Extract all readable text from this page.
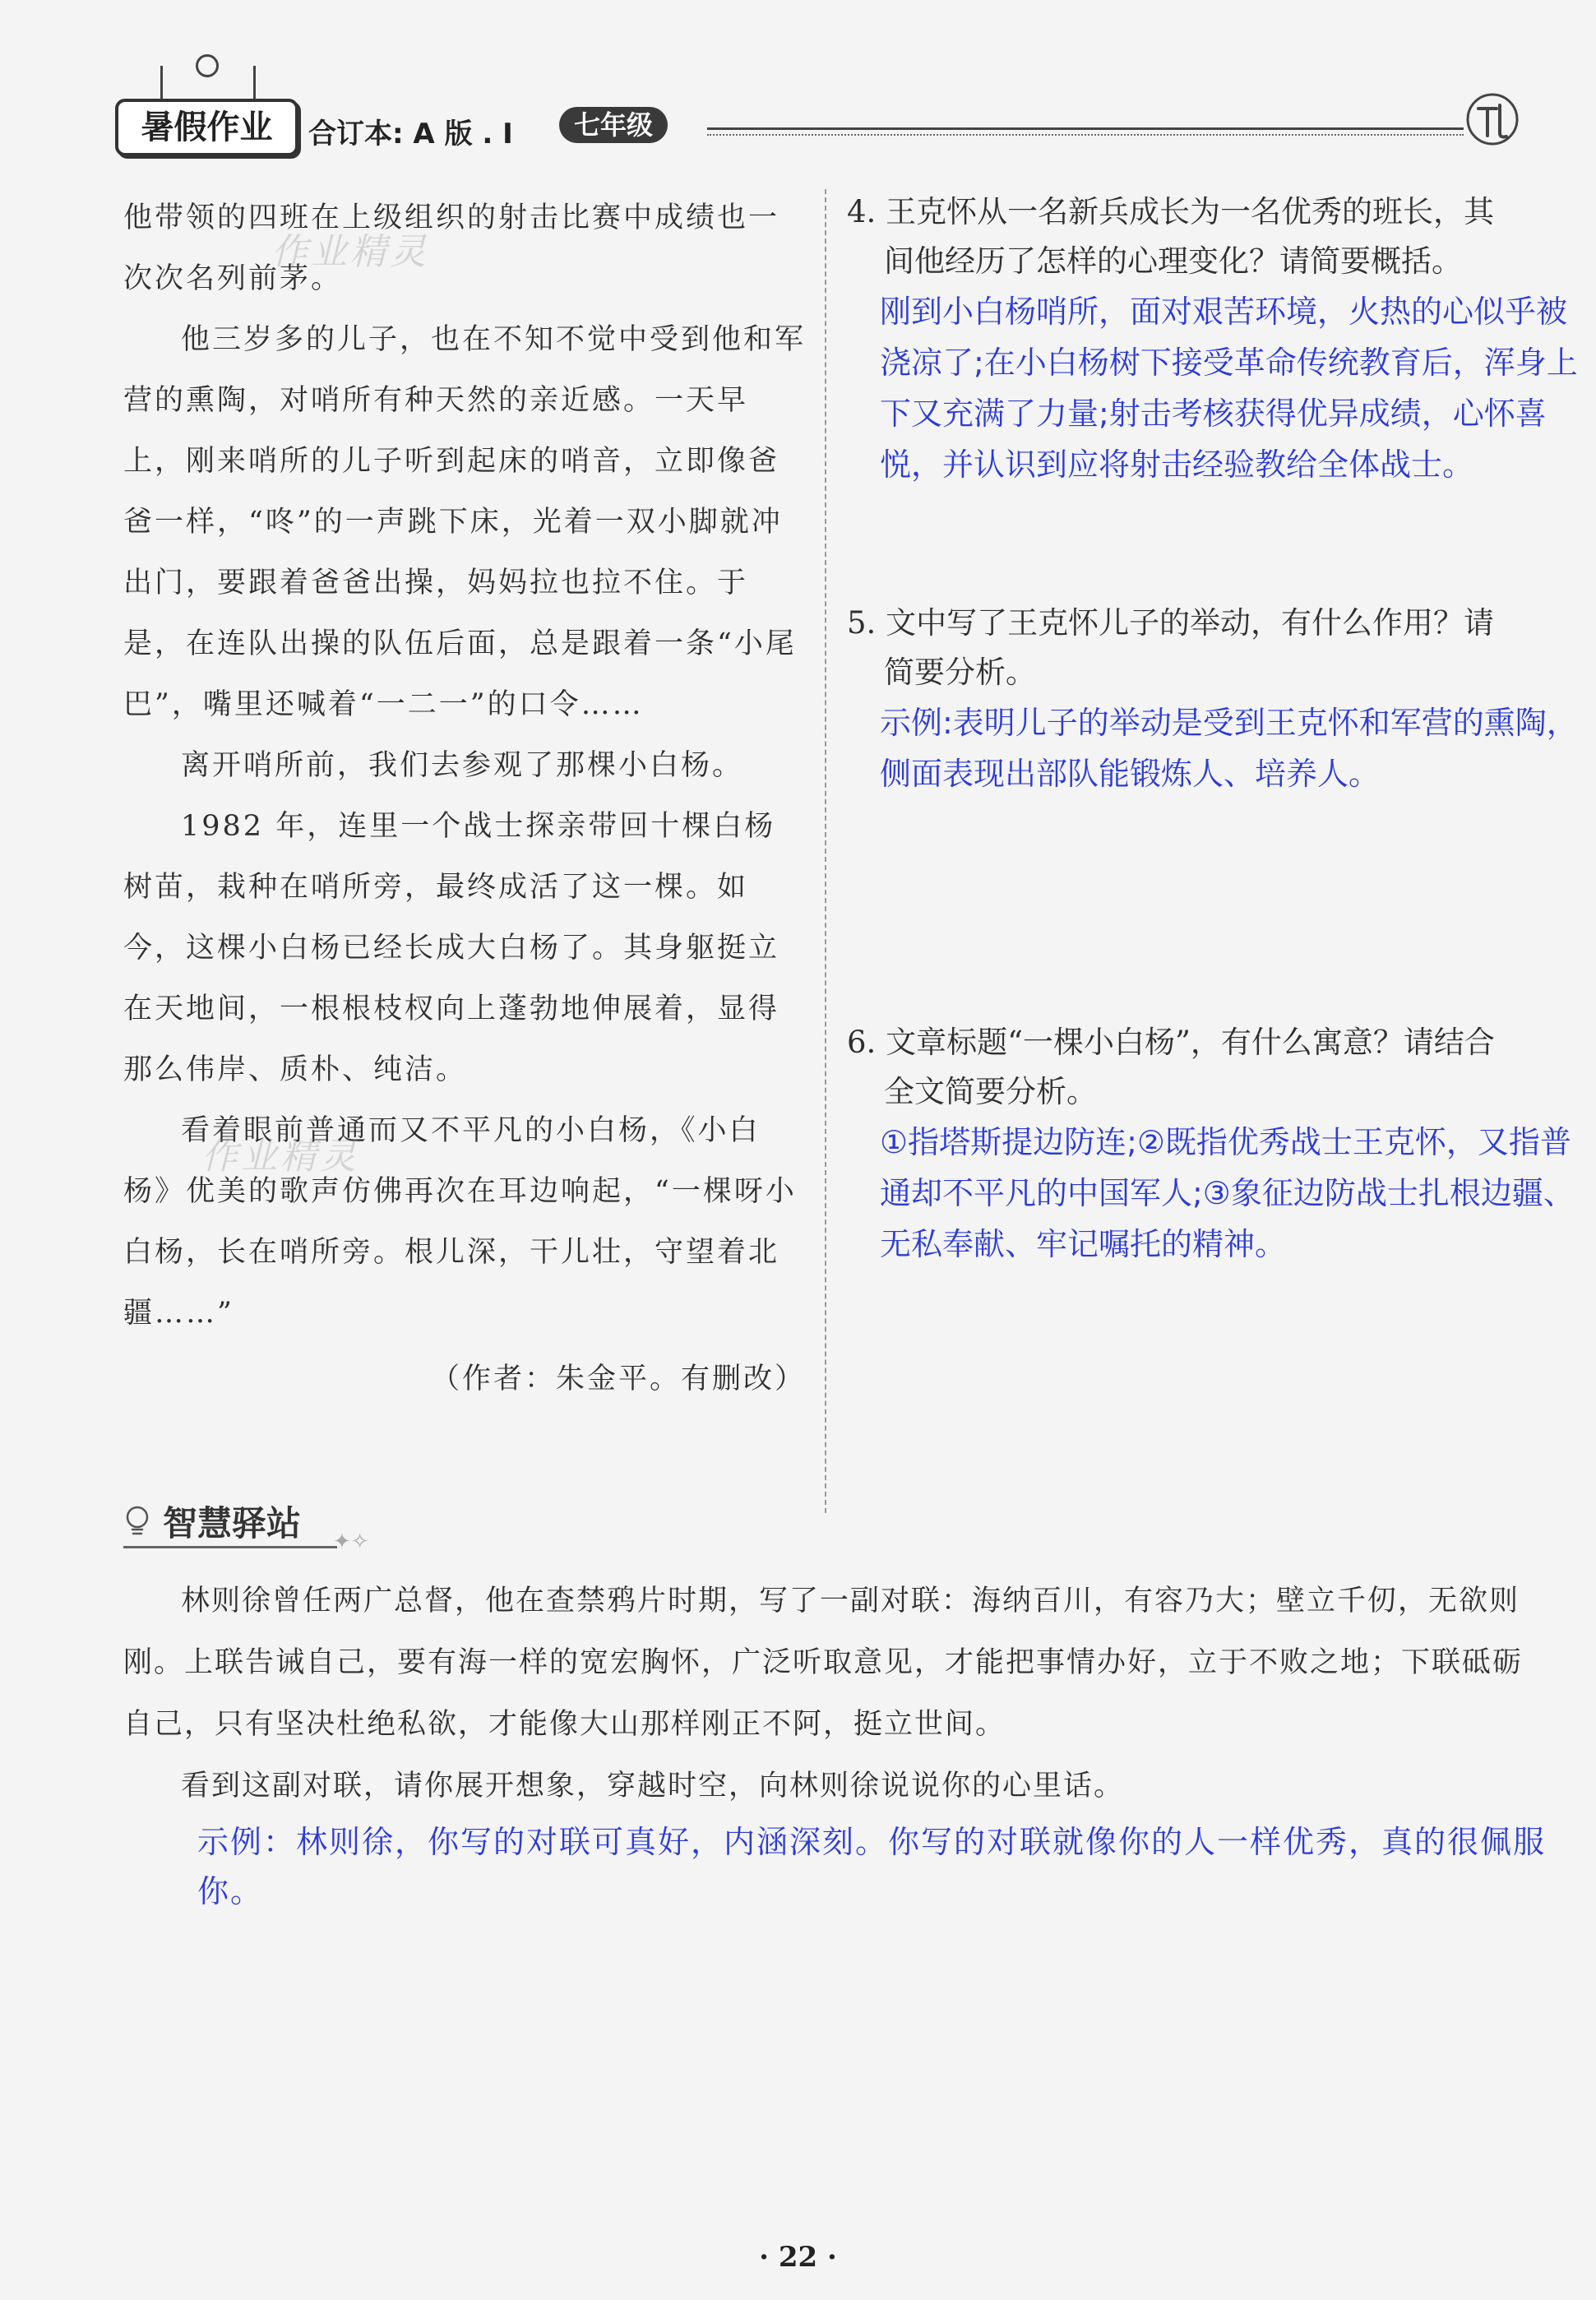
暑假作业	合订本: A 版 . I	七年级

他带领的四班在上级组织的射击比赛中成绩也一次次名列前茅。

他三岁多的儿子，也在不知不觉中受到他和军营的熏陶，对哨所有种天然的亲近感。一天早上，刚来哨所的儿子听到起床的哨音，立即像爸爸一样，“咚”的一声跳下床，光着一双小脚就冲出门，要跟着爸爸出操，妈妈拉也拉不住。于是，在连队出操的队伍后面，总是跟着一条“小尾巴”，嘴里还喊着“一二一”的口令……

离开哨所前，我们去参观了那棵小白杨。

1982 年，连里一个战士探亲带回十棵白杨树苗，栽种在哨所旁，最终成活了这一棵。如今，这棵小白杨已经长成大白杨了。其身躯挺立在天地间，一根根枝杈向上蓬勃地伸展着，显得那么伟岸、质朴、纯洁。

看着眼前普通而又不平凡的小白杨，《小白杨》优美的歌声仿佛再次在耳边响起，“一棵呀小白杨，长在哨所旁。根儿深，干儿壮，守望着北疆……”

（作者：朱金平。有删改）

作业精灵
作业精灵

4. 王克怀从一名新兵成长为一名优秀的班长，其

间他经历了怎样的心理变化？请简要概括。

刚到小白杨哨所，面对艰苦环境，火热的心似乎被浇凉了;在小白杨树下接受革命传统教育后，浑身上下又充满了力量;射击考核获得优异成绩，心怀喜悦，并认识到应将射击经验教给全体战士。

5. 文中写了王克怀儿子的举动，有什么作用？请

简要分析。

示例:表明儿子的举动是受到王克怀和军营的熏陶，侧面表现出部队能锻炼人、培养人。

6. 文章标题“一棵小白杨”，有什么寓意？请结合

全文简要分析。

①指塔斯提边防连;②既指优秀战士王克怀，又指普通却不平凡的中国军人;③象征边防战士扎根边疆、无私奉献、牢记嘱托的精神。

智慧驿站 ✦✧

林则徐曾任两广总督，他在查禁鸦片时期，写了一副对联：海纳百川，有容乃大；壁立千仞，无欲则刚。上联告诫自己，要有海一样的宽宏胸怀，广泛听取意见，才能把事情办好，立于不败之地；下联砥砺自己，只有坚决杜绝私欲，才能像大山那样刚正不阿，挺立世间。

看到这副对联，请你展开想象，穿越时空，向林则徐说说你的心里话。

示例：林则徐，你写的对联可真好，内涵深刻。你写的对联就像你的人一样优秀，真的很佩服你。

· 22 ·
